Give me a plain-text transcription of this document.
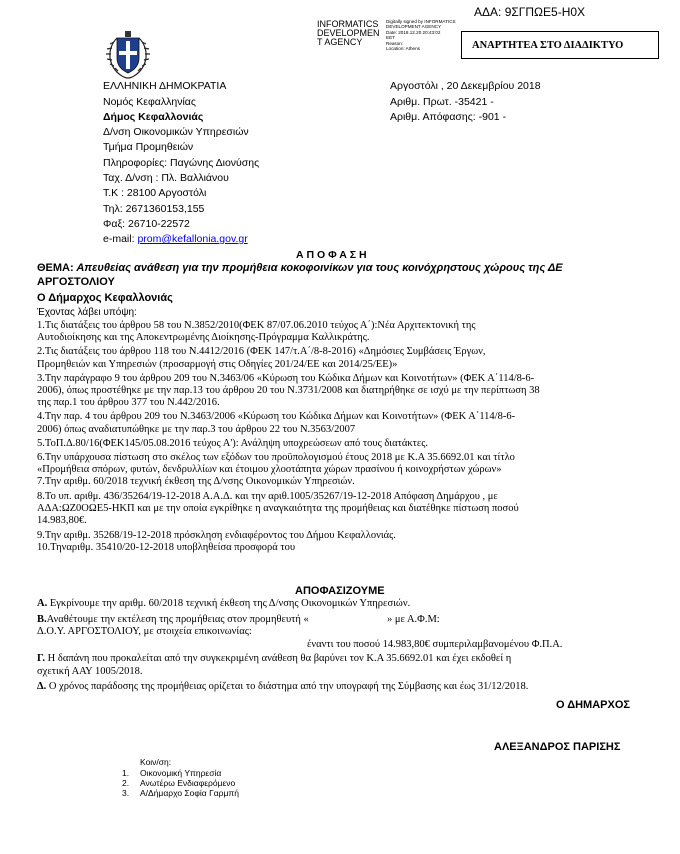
ΑΔΑ: 9ΣΓΠΩΕ5-Η0Χ
INFORMATICS
DEVELOPMEN
T AGENCY
Digitally signed by INFORMATICS
DEVELOPMENT AGENCY
Date: 2018.12.20 20:43:02
EET
Reason:
Location: Athens	ΑΝΑΡΤΗΤΕΑ ΣΤΟ ΔΙΑΔΙΚΤΥΟ
ΕΛΛΗΝΙΚΗ ΔΗΜΟΚΡΑΤΙΑ
Νομός Κεφαλληνίας
Δήμος Κεφαλλονιάς
Δ/νση Οικονομικών Υπηρεσιών
Τμήμα Προμηθειών
Πληροφορίες: Παγώνης Διονύσης
Ταχ. Δ/νση : Πλ. Βαλλιάνου
Τ.Κ : 28100 Αργοστόλι
Τηλ: 2671360153,155
Φαξ: 26710-22572
e-mail: prom@kefallonia.gov.gr
Αργοστόλι , 20 Δεκεμβρίου 2018
Αριθμ. Πρωτ. -35421 -
Αριθμ. Απόφασης: -901 -
Α Π Ο Φ Α Σ Η
ΘΕΜΑ: Απευθείας ανάθεση για την προμήθεια κοκοφοινίκων για τους κοινόχρηστους χώρους της ΔΕ
ΑΡΓΟΣΤΟΛΙΟΥ
Ο Δήμαρχος Κεφαλλονιάς
Έχοντας λάβει υπόψη:
1.Τις διατάξεις του άρθρου 58 του Ν.3852/2010(ΦΕΚ 87/07.06.2010 τεύχος Α΄):Νέα Αρχιτεκτονική της
Αυτοδιοίκησης και της Αποκεντρωμένης Διοίκησης-Πρόγραμμα Καλλικράτης.
2.Τις διατάξεις του άρθρου 118 του Ν.4412/2016 (ΦΕΚ 147/τ.Α΄/8-8-2016) «Δημόσιες Συμβάσεις Έργων,
Προμηθειών και Υπηρεσιών (προσαρμογή στις Οδηγίες 201/24/ΕΕ και 2014/25/ΕΕ)»
3.Την παράγραφο 9 του άρθρου 209 του Ν.3463/06 «Κύρωση του Κώδικα Δήμων και Κοινοτήτων» (ΦΕΚ Α΄114/8-6-
2006), όπως προστέθηκε με την παρ.13 του άρθρου 20 του Ν.3731/2008 και διατηρήθηκε σε ισχύ με την περίπτωση 38
της παρ.1 του άρθρου 377 του Ν.442/2016.
4.Την παρ. 4 του άρθρου 209 του Ν.3463/2006 «Κύρωση του Κώδικα Δήμων και Κοινοτήτων» (ΦΕΚ Α΄114/8-6-
2006) όπως αναδιατυπώθηκε με την παρ.3 του άρθρου 22 του Ν.3563/2007
5.ΤοΠ.Δ.80/16(ΦΕΚ145/05.08.2016 τεύχος Α'): Ανάληψη υποχρεώσεων από τους διατάκτες.
6.Την υπάρχουσα πίστωση στο σκέλος των εξόδων του προϋπολογισμού έτους 2018 με Κ.Α 35.6692.01 και τίτλο
«Προμήθεια σπόρων, φυτών, δενδρυλλίων και έτοιμου χλοοτάπητα χώρων πρασίνου ή κοινοχρήστων χώρων»
7.Την αριθμ. 60/2018 τεχνική έκθεση της Δ/νσης Οικονομικών Υπηρεσιών.
8.Το υπ. αριθμ. 436/35264/19-12-2018 Α.Α.Δ. και την αριθ.1005/35267/19-12-2018 Απόφαση Δημάρχου , με
ΑΔΑ:ΩΖ0ΟΩΕ5-ΗΚΠ και με την οποία εγκρίθηκε η αναγκαιότητα της προμήθειας και διατέθηκε πίστωση ποσού
14.983,80€.
9.Την αριθμ. 35268/19-12-2018 πρόσκληση ενδιαφέροντος του Δήμου Κεφαλλονιάς.
10.Τηναριθμ. 35410/20-12-2018 υποβληθείσα προσφορά του
ΑΠΟΦΑΣΙΖΟΥΜΕ
Α. Εγκρίνουμε την αριθμ. 60/2018 τεχνική έκθεση της Δ/νσης Οικονομικών Υπηρεσιών.
Β.Αναθέτουμε την εκτέλεση της προμήθειας στον προμηθευτή «	» με Α.Φ.Μ:
Δ.Ο.Υ. ΑΡΓΟΣΤΟΛΙΟΥ, με στοιχεία επικοινωνίας:
έναντι του ποσού 14.983,80€ συμπεριλαμβανομένου Φ.Π.Α.
Γ. Η δαπάνη που προκαλείται από την συγκεκριμένη ανάθεση θα βαρύνει τον Κ.Α 35.6692.01 και έχει εκδοθεί η
σχετική ΑΑΥ 1005/2018.
Δ. Ο χρόνος παράδοσης της προμήθειας ορίζεται το διάστημα από την υπογραφή της Σύμβασης και έως 31/12/2018.
Ο ΔΗΜΑΡΧΟΣ
ΑΛΕΞΑΝΔΡΟΣ ΠΑΡΙΣΗΣ
Κοιν/ση:
1. Οικονομική Υπηρεσία
2. Ανωτέρω Ενδιαφερόμενο
3. Α/Δήμαρχο Σοφία Γαρμπή
